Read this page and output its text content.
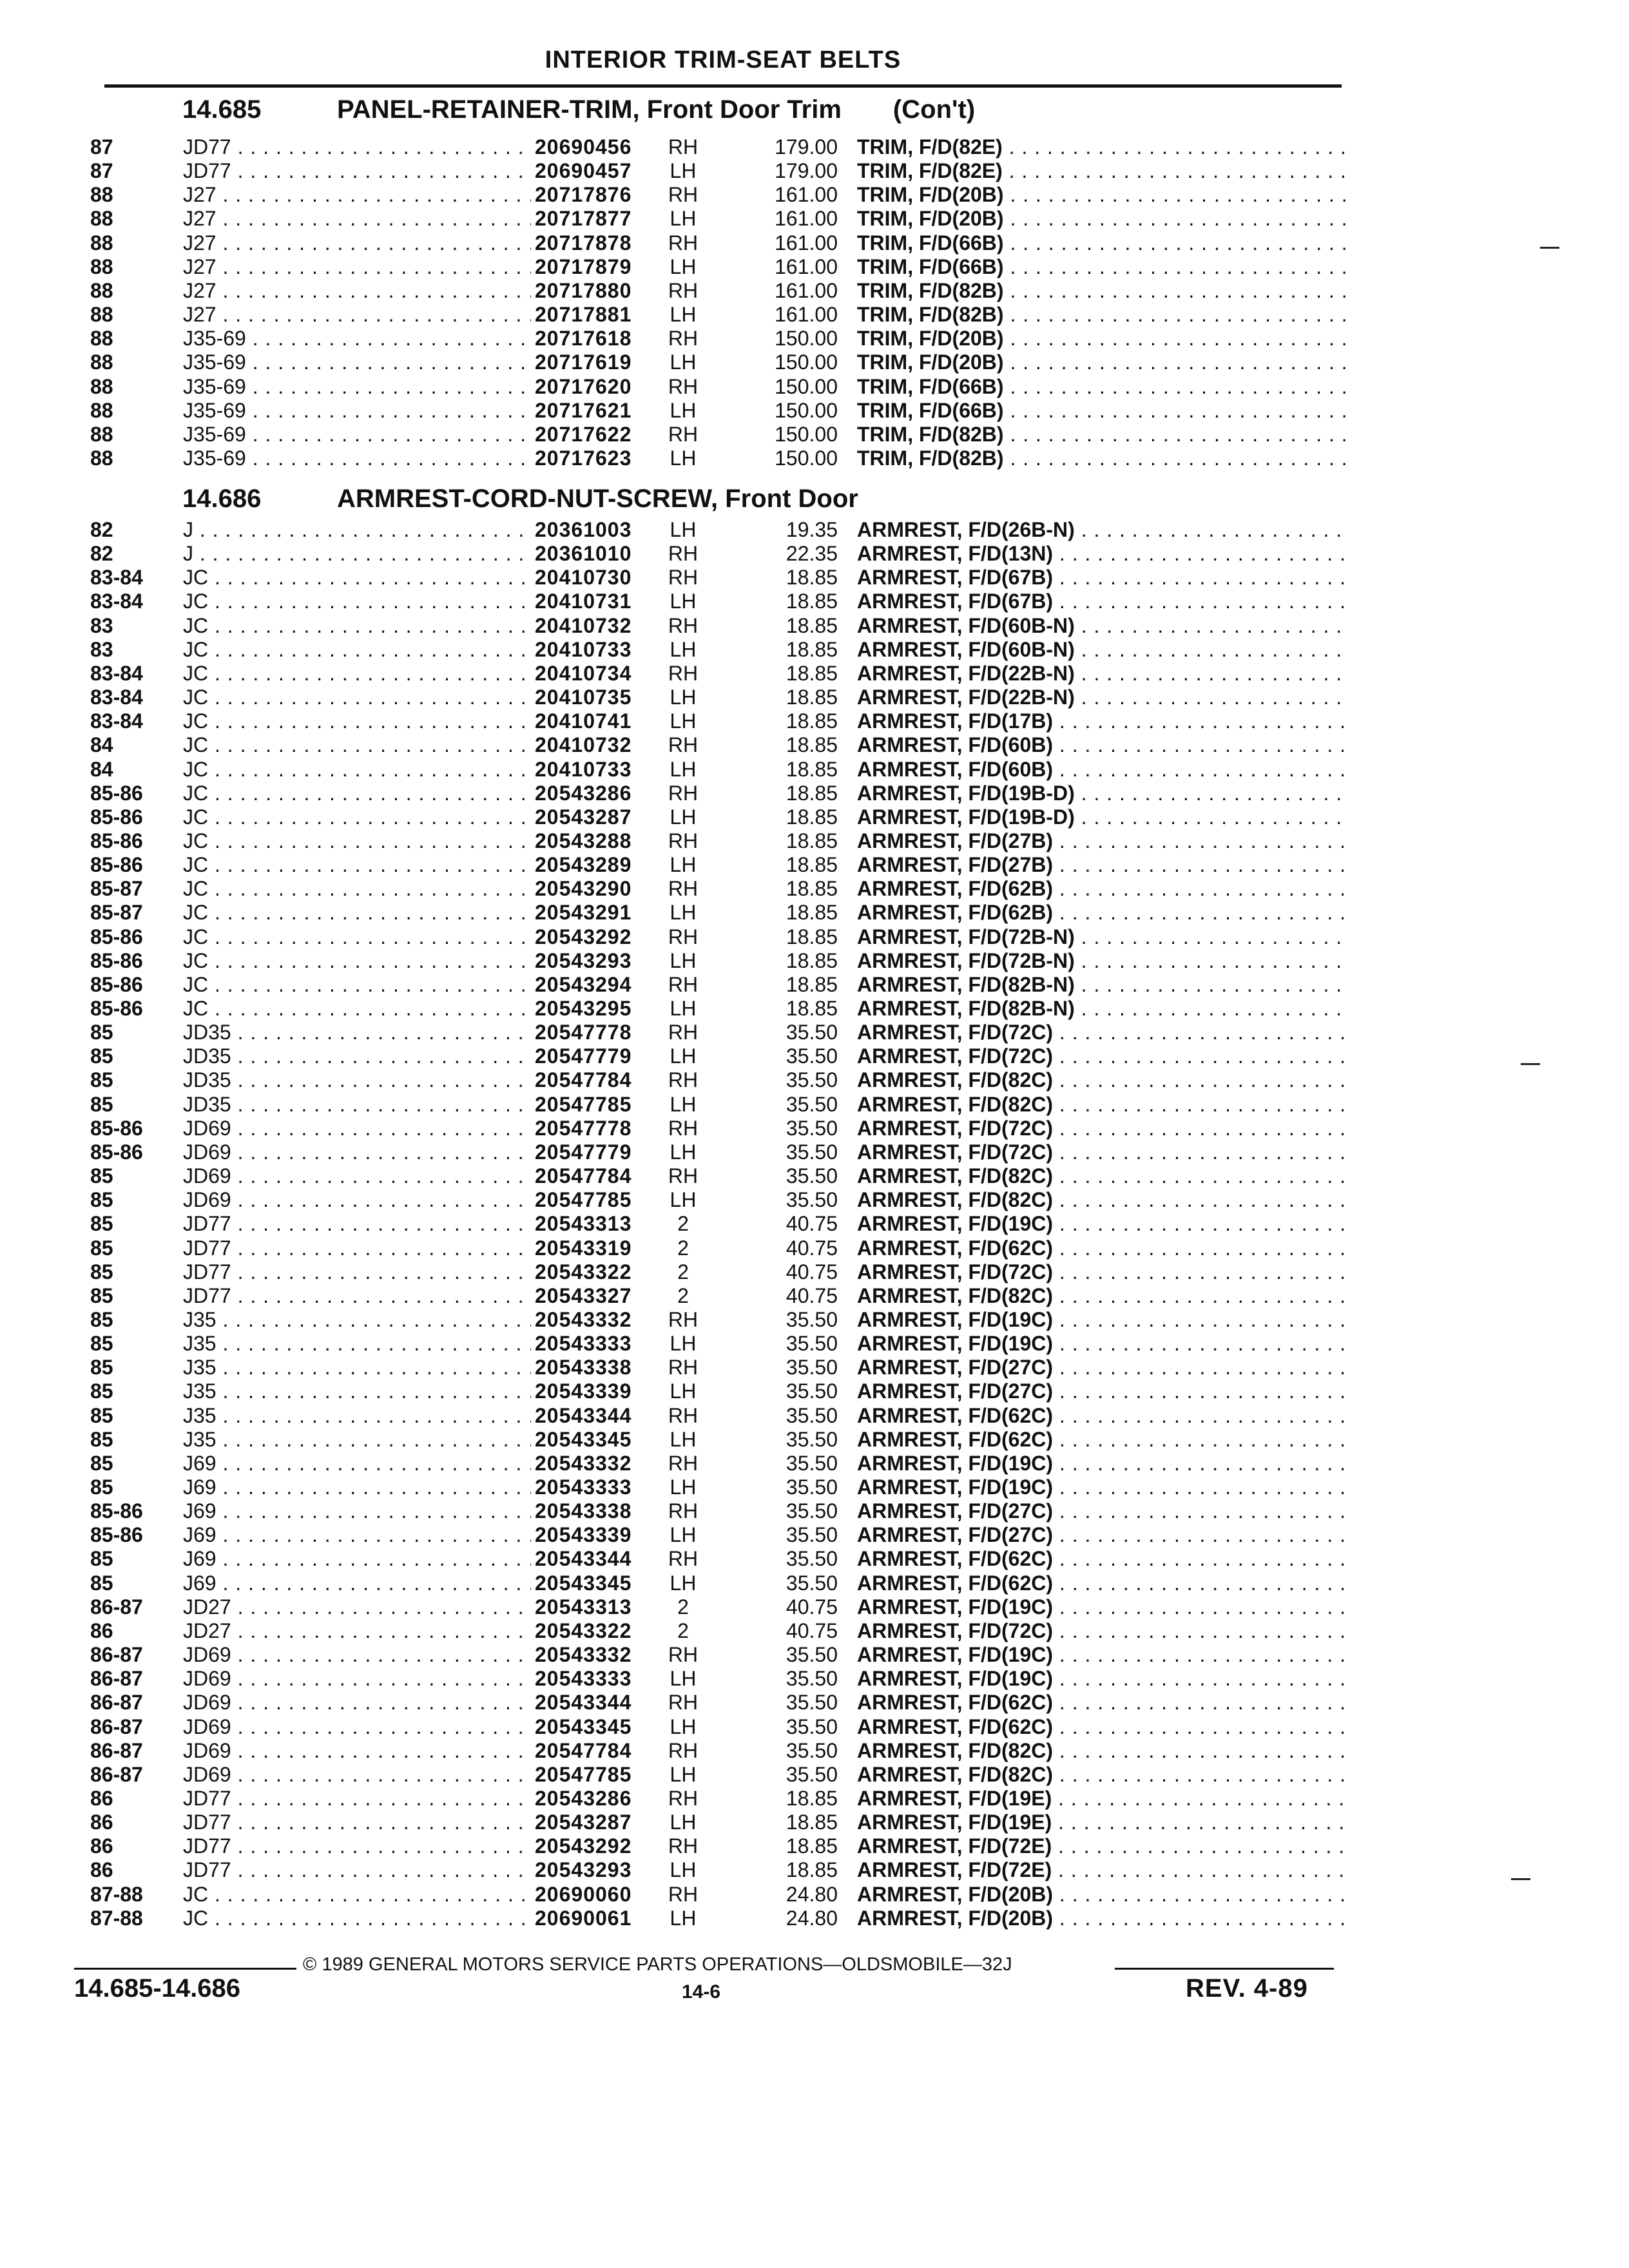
INTERIOR TRIM-SEAT BELTS
14.685	PANEL-RETAINER-TRIM, Front Door Trim (Con't)
87	JD77 . . .	20690456 RH	179.00 TRIM, F/D(82E) . . .
87	JD77 . . .	20690457 LH	179.00 TRIM, F/D(82E) . . .
88	J27 . . .	20717876 RH	161.00 TRIM, F/D(20B) . . .
88	J27 . . .	20717877 LH	161.00 TRIM, F/D(20B) . . .
88	J27 . . .	20717878 RH	161.00 TRIM, F/D(66B) . . .
88	J27 . . .	20717879 LH	161.00 TRIM, F/D(66B) . . .
88	J27 . . .	20717880 RH	161.00 TRIM, F/D(82B) . . .
88	J27 . . .	20717881 LH	161.00 TRIM, F/D(82B) . . .
88	J35-69 . . .	20717618 RH	150.00 TRIM, F/D(20B) . . .
88	J35-69 . . .	20717619 LH	150.00 TRIM, F/D(20B) . . .
88	J35-69 . . .	20717620 RH	150.00 TRIM, F/D(66B) . . .
88	J35-69 . . .	20717621 LH	150.00 TRIM, F/D(66B) . . .
88	J35-69 . . .	20717622 RH	150.00 TRIM, F/D(82B) . . .
88	J35-69 . . .	20717623 LH	150.00 TRIM, F/D(82B) . . .
14.686	ARMREST-CORD-NUT-SCREW, Front Door
82	J . . .	20361003 LH	19.35 ARMREST, F/D(26B-N) . . .
82	J . . .	20361010 RH	22.35 ARMREST, F/D(13N) . . .
83-84 JC . . .	20410730 RH	18.85 ARMREST, F/D(67B) . . .
83-84 JC . . .	20410731 LH	18.85 ARMREST, F/D(67B) . . .
83	JC . . .	20410732 RH	18.85 ARMREST, F/D(60B-N) . . .
83	JC . . .	20410733 LH	18.85 ARMREST, F/D(60B-N) . . .
83-84 JC . . .	20410734 RH	18.85 ARMREST, F/D(22B-N) . . .
83-84 JC . . .	20410735 LH	18.85 ARMREST, F/D(22B-N) . . .
83-84 JC . . .	20410741 LH	18.85 ARMREST, F/D(17B) . . .
84	JC . . .	20410732 RH	18.85 ARMREST, F/D(60B) . . .
84	JC . . .	20410733 LH	18.85 ARMREST, F/D(60B) . . .
85-86 JC . . .	20543286 RH	18.85 ARMREST, F/D(19B-D) . . .
85-86 JC . . .	20543287 LH	18.85 ARMREST, F/D(19B-D) . . .
85-86 JC . . .	20543288 RH	18.85 ARMREST, F/D(27B) . . .
85-86 JC . . .	20543289 LH	18.85 ARMREST, F/D(27B) . . .
85-87 JC . . .	20543290 RH	18.85 ARMREST, F/D(62B) . . .
85-87 JC . . .	20543291 LH	18.85 ARMREST, F/D(62B) . . .
85-86 JC . . .	20543292 RH	18.85 ARMREST, F/D(72B-N) . . .
85-86 JC . . .	20543293 LH	18.85 ARMREST, F/D(72B-N) . . .
85-86 JC . . .	20543294 RH	18.85 ARMREST, F/D(82B-N) . . .
85-86 JC . . .	20543295 LH	18.85 ARMREST, F/D(82B-N) . . .
85	JD35 . . .	20547778 RH	35.50 ARMREST, F/D(72C) . . .
85	JD35 . . .	20547779 LH	35.50 ARMREST, F/D(72C) . . .
85	JD35 . . .	20547784 RH	35.50 ARMREST, F/D(82C) . . .
85	JD35 . . .	20547785 LH	35.50 ARMREST, F/D(82C) . . .
85-86 JD69 . . .	20547778 RH	35.50 ARMREST, F/D(72C) . . .
85-86 JD69 . . .	20547779 LH	35.50 ARMREST, F/D(72C) . . .
85	JD69 . . .	20547784 RH	35.50 ARMREST, F/D(82C) . . .
85	JD69 . . .	20547785 LH	35.50 ARMREST, F/D(82C) . . .
85	JD77 . . .	20543313	2	40.75 ARMREST, F/D(19C) . . .
85	JD77 . . .	20543319	2	40.75 ARMREST, F/D(62C) . . .
85	JD77 . . .	20543322	2	40.75 ARMREST, F/D(72C) . . .
85	JD77 . . .	20543327	2	40.75 ARMREST, F/D(82C) . . .
85	J35 . . .	20543332 RH	35.50 ARMREST, F/D(19C) . . .
85	J35 . . .	20543333 LH	35.50 ARMREST, F/D(19C) . . .
85	J35 . . .	20543338 RH	35.50 ARMREST, F/D(27C) . . .
85	J35 . . .	20543339 LH	35.50 ARMREST, F/D(27C) . . .
85	J35 . . .	20543344 RH	35.50 ARMREST, F/D(62C) . . .
85	J35 . . .	20543345 LH	35.50 ARMREST, F/D(62C) . . .
85	J69 . . .	20543332 RH	35.50 ARMREST, F/D(19C) . . .
85	J69 . . .	20543333 LH	35.50 ARMREST, F/D(19C) . . .
85-86 J69 . . .	20543338 RH	35.50 ARMREST, F/D(27C) . . .
85-86 J69 . . .	20543339 LH	35.50 ARMREST, F/D(27C) . . .
85	J69 . . .	20543344 RH	35.50 ARMREST, F/D(62C) . . .
85	J69 . . .	20543345 LH	35.50 ARMREST, F/D(62C) . . .
86-87 JD27 . . .	20543313	2	40.75 ARMREST, F/D(19C) . . .
86	JD27 . . .	20543322	2	40.75 ARMREST, F/D(72C) . . .
86-87 JD69 . . .	20543332 RH	35.50 ARMREST, F/D(19C) . . .
86-87 JD69 . . .	20543333 LH	35.50 ARMREST, F/D(19C) . . .
86-87 JD69 . . .	20543344 RH	35.50 ARMREST, F/D(62C) . . .
86-87 JD69 . . .	20543345 LH	35.50 ARMREST, F/D(62C) . . .
86-87 JD69 . . .	20547784 RH	35.50 ARMREST, F/D(82C) . . .
86-87 JD69 . . .	20547785 LH	35.50 ARMREST, F/D(82C) . . .
86	JD77 . . .	20543286 RH	18.85 ARMREST, F/D(19E) . . .
86	JD77 . . .	20543287 LH	18.85 ARMREST, F/D(19E) . . .
86	JD77 . . .	20543292 RH	18.85 ARMREST, F/D(72E) . . .
86	JD77 . . .	20543293 LH	18.85 ARMREST, F/D(72E) . . .
87-88 JC . . .	20690060 RH	24.80 ARMREST, F/D(20B) . . .
87-88 JC . . .	20690061 LH	24.80 ARMREST, F/D(20B) . . .
© 1989 GENERAL MOTORS SERVICE PARTS OPERATIONS—OLDSMOBILE—32J
14.685-14.686	14-6	REV. 4-89
